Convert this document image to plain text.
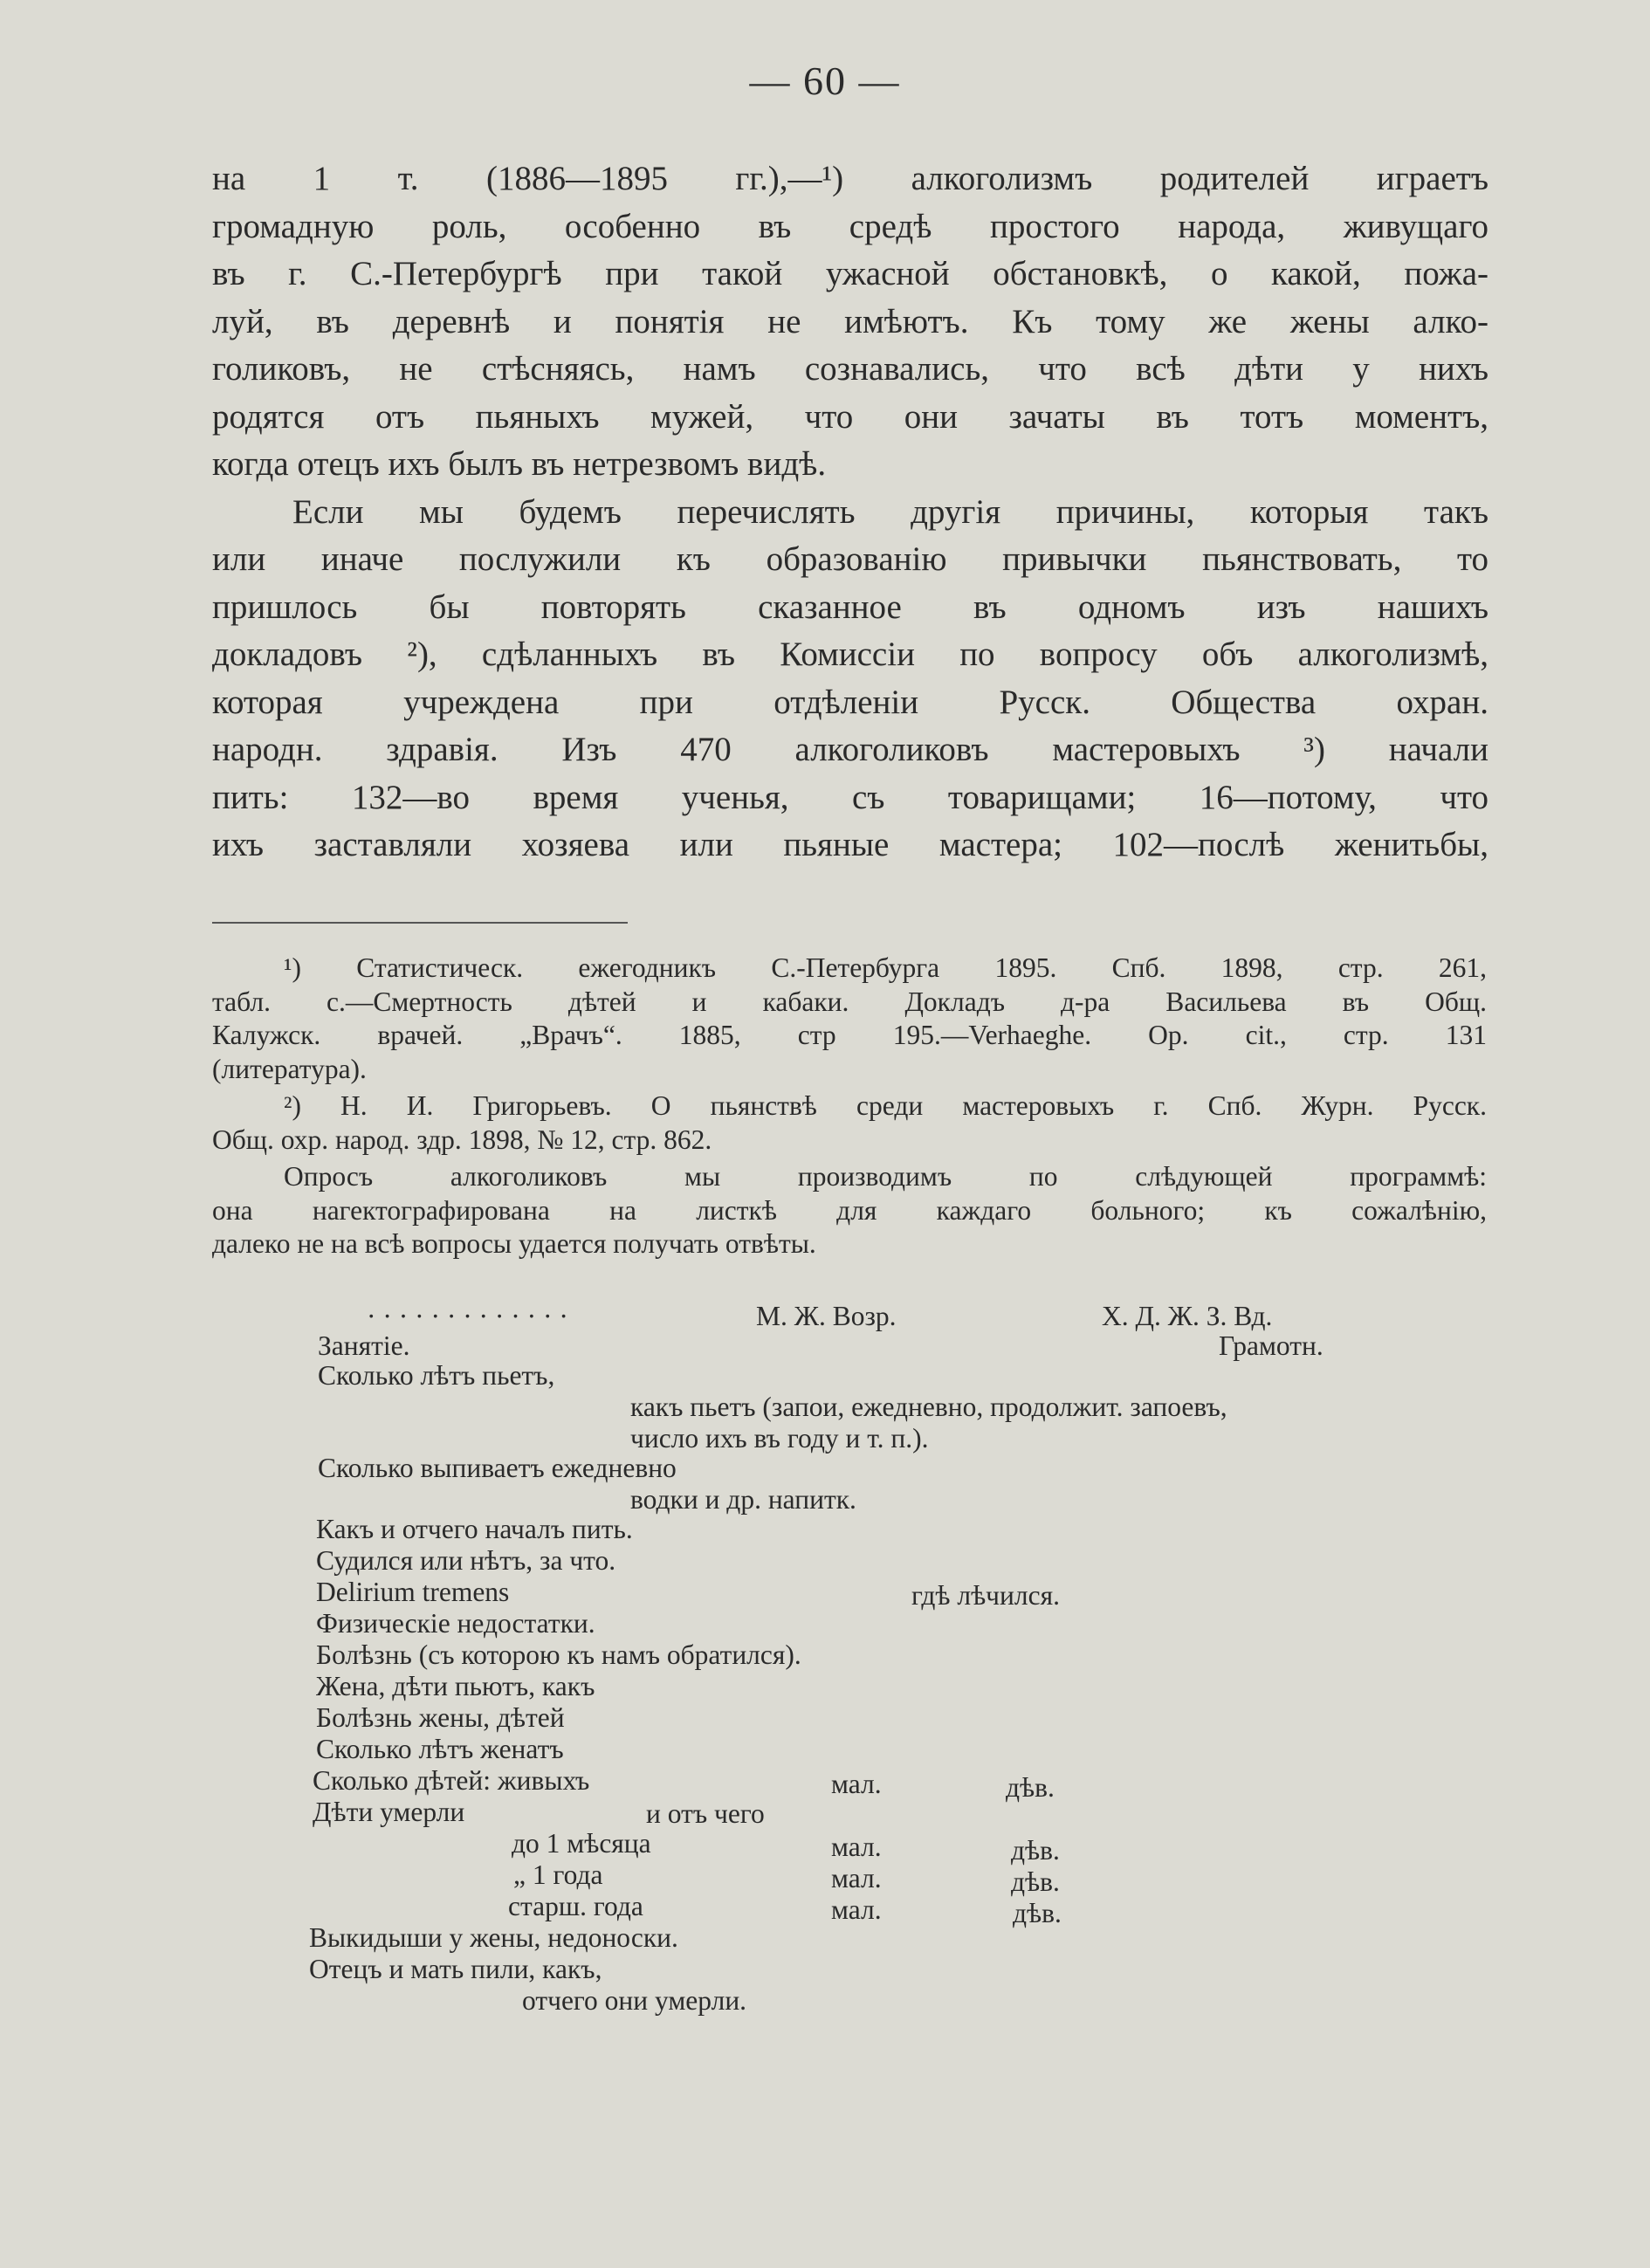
— 60 —
на 1 т. (1886—1895 гг.),—¹) алкоголизмъ родителей играетъ
громадную роль, особенно въ средѣ простого народа, живущаго
въ г. С.-Петербургѣ при такой ужасной обстановкѣ, о какой, пожа-
луй, въ деревнѣ и понятія не имѣютъ. Къ тому же жены алко-
голиковъ, не стѣсняясь, намъ сознавались, что всѣ дѣти у нихъ
родятся отъ пьяныхъ мужей, что они зачаты въ тотъ моментъ,
когда отецъ ихъ былъ въ нетрезвомъ видѣ.
Если мы будемъ перечислять другія причины, которыя такъ
или иначе послужили къ образованію привычки пьянствовать, то
пришлось бы повторять сказанное въ одномъ изъ нашихъ
докладовъ ²), сдѣланныхъ въ Комиссіи по вопросу объ алкоголизмѣ,
которая учреждена при отдѣленіи Русск. Общества охран.
народн. здравія. Изъ 470 алкоголиковъ мастеровыхъ ³) начали
пить: 132—во время ученья, съ товарищами; 16—потому, что
ихъ заставляли хозяева или пьяные мастера; 102—послѣ женитьбы,
¹) Статистическ. ежегодникъ С.-Петербурга 1895. Спб. 1898, стр. 261,
табл. с.—Смертность дѣтей и кабаки. Докладъ д-ра Васильева въ Общ.
Калужск. врачей. „Врачъ“. 1885, стр 195.—Verhaeghe. Op. cit., стр. 131
(литература).
²) Н. И. Григорьевъ. О пьянствѣ среди мастеровыхъ г. Спб. Журн. Русск.
Общ. охр. народ. здр. 1898, № 12, стр. 862.
Опросъ алкоголиковъ мы производимъ по слѣдующей программѣ:
она нагектографирована на листкѣ для каждаго больного; къ сожалѣнію,
далеко не на всѣ вопросы удается получать отвѣты.
· · · · · · · · · · · · ·	М. Ж. Возр.	Х. Д. Ж. З. Вд.
Занятіе.	Грамотн.
Сколько лѣтъ пьетъ,
какъ пьетъ (запои, ежедневно, продолжит. запоевъ,
число ихъ въ году и т. п.).
Сколько выпиваетъ ежедневно
водки и др. напитк.
Какъ и отчего началъ пить.
Судился или нѣтъ, за что.
Delirium tremens	гдѣ лѣчился.
Физическіе недостатки.
Болѣзнь (съ которою къ намъ обратился).
Жена, дѣти пьютъ, какъ
Болѣзнь жены, дѣтей
Сколько лѣтъ женатъ
Сколько дѣтей: живыхъ	мал.	дѣв.
Дѣти умерли	и отъ чего
до 1 мѣсяца	мал.	дѣв.
„ 1 года	мал.	дѣв.
старш. года	мал.	дѣв.
Выкидыши у жены, недоноски.
Отецъ и мать пили, какъ,
отчего они умерли.
